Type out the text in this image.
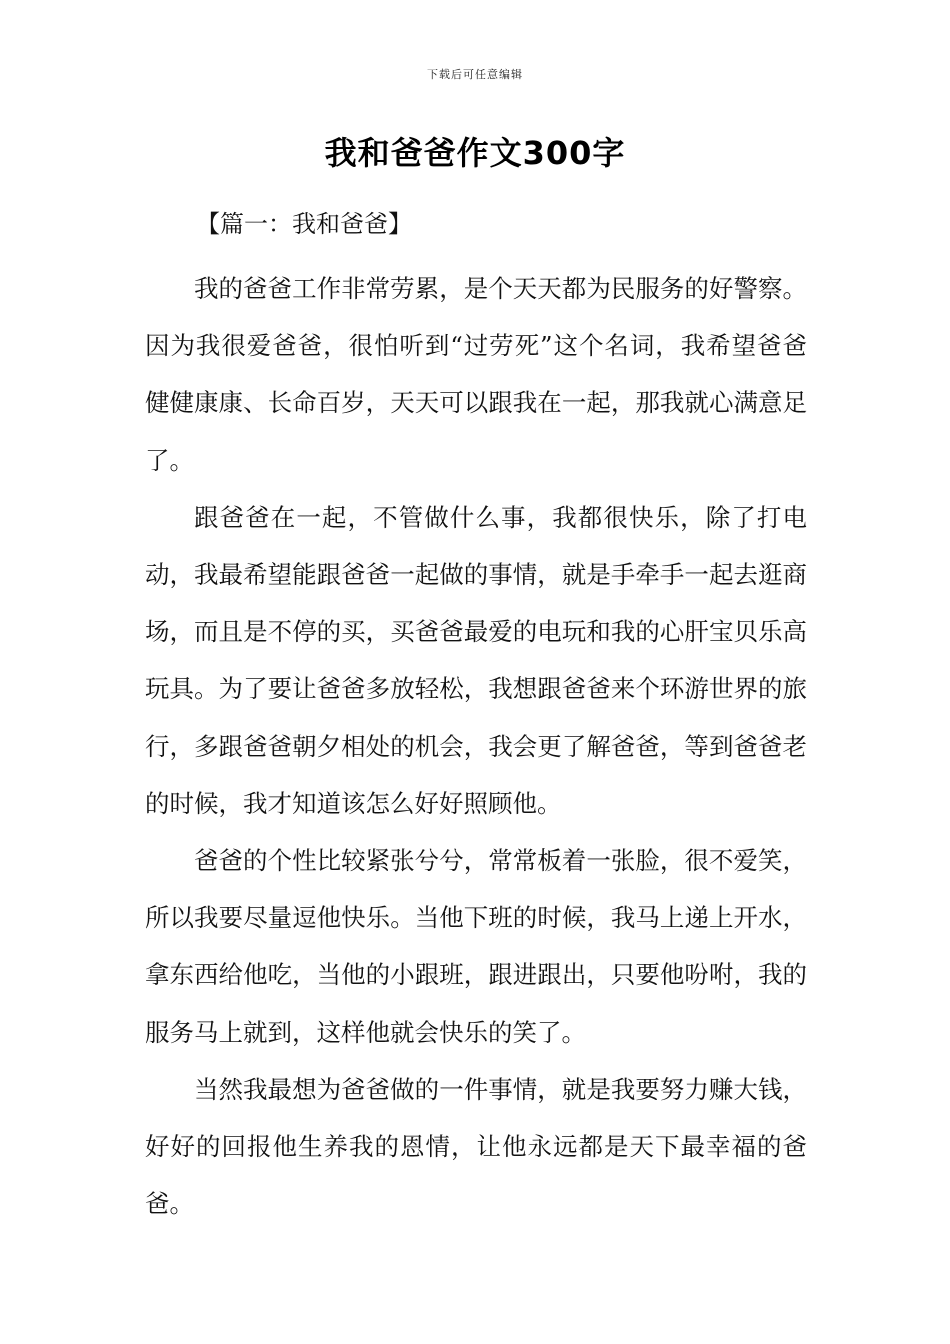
下载后可任意编辑
我和爸爸作文300字
【篇一：我和爸爸】

我的爸爸工作非常劳累，是个天天都为民服务的好警察。因为我很爱爸爸，很怕听到“过劳死”这个名词，我希望爸爸健健康康、长命百岁，天天可以跟我在一起，那我就心满意足了。

跟爸爸在一起，不管做什么事，我都很快乐，除了打电动，我最希望能跟爸爸一起做的事情，就是手牵手一起去逛商场，而且是不停的买，买爸爸最爱的电玩和我的心肝宝贝乐高玩具。为了要让爸爸多放轻松，我想跟爸爸来个环游世界的旅行，多跟爸爸朝夕相处的机会，我会更了解爸爸，等到爸爸老的时候，我才知道该怎么好好照顾他。

爸爸的个性比较紧张兮兮，常常板着一张脸，很不爱笑，所以我要尽量逗他快乐。当他下班的时候，我马上递上开水，拿东西给他吃，当他的小跟班，跟进跟出，只要他吩咐，我的服务马上就到，这样他就会快乐的笑了。

当然我最想为爸爸做的一件事情，就是我要努力赚大钱，好好的回报他生养我的恩情，让他永远都是天下最幸福的爸爸。
